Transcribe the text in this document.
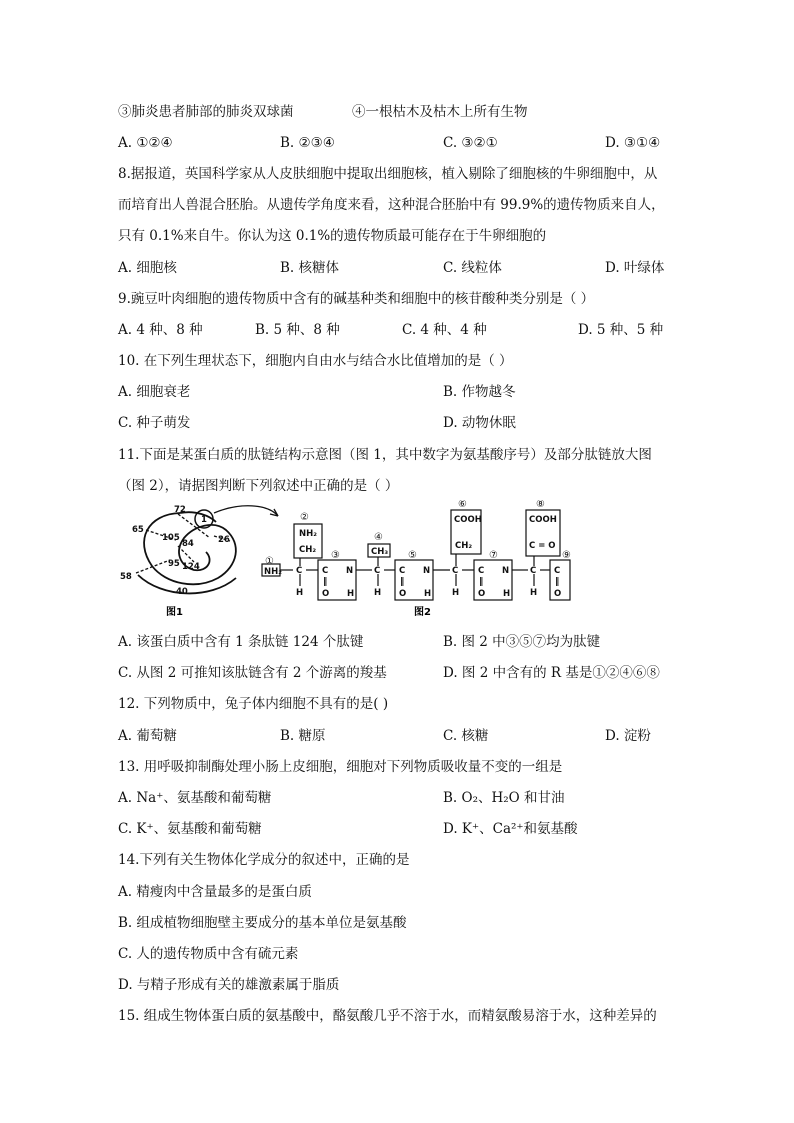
③肺炎患者肺部的肺炎双球菌	④一根枯木及枯木上所有生物
A. ①②④	B. ②③④	C. ③②①	D. ③①④
8.据报道，英国科学家从人皮肤细胞中提取出细胞核，植入剔除了细胞核的牛卵细胞中，从
而培育出人兽混合胚胎。从遗传学角度来看，这种混合胚胎中有 99.9%的遗传物质来自人，
只有 0.1%来自牛。你认为这 0.1%的遗传物质最可能存在于牛卵细胞的
A. 细胞核	B. 核糖体	C. 线粒体	D. 叶绿体
9.豌豆叶肉细胞的遗传物质中含有的碱基种类和细胞中的核苷酸种类分别是（ ）
A. 4 种、8 种	B. 5 种、8 种	C. 4 种、4 种	D. 5 种、5 种
10. 在下列生理状态下，细胞内自由水与结合水比值增加的是（ ）
A. 细胞衰老	B. 作物越冬
C. 种子萌发	D. 动物休眠
11.下面是某蛋白质的肽链结构示意图（图 1，其中数字为氨基酸序号）及部分肽链放大图
（图 2），请据图判断下列叙述中正确的是（ ）
72
65
1
105
84	26
95 124
58
40
图1
NH₂
NH₂
CH₂
C
H
C N
‖
O H
CH₃
C
H
C N
‖
O H
COOH
CH₂
C
H
C N
‖
O H
COOH
C = O
C
H
C
‖
O
①
②
③
④
⑤
⑥
⑦
⑧
⑨
图2
A. 该蛋白质中含有 1 条肽链 124 个肽键	B. 图 2 中③⑤⑦均为肽键
C. 从图 2 可推知该肽链含有 2 个游离的羧基	D. 图 2 中含有的 R 基是①②④⑥⑧
12. 下列物质中，兔子体内细胞不具有的是( )
A. 葡萄糖	B. 糖原	C. 核糖	D. 淀粉
13. 用呼吸抑制酶处理小肠上皮细胞，细胞对下列物质吸收量不变的一组是
A. Na⁺、氨基酸和葡萄糖	B. O₂、H₂O 和甘油
C. K⁺、氨基酸和葡萄糖	D. K⁺、Ca²⁺和氨基酸
14.下列有关生物体化学成分的叙述中，正确的是
A. 精瘦肉中含量最多的是蛋白质
B. 组成植物细胞壁主要成分的基本单位是氨基酸
C. 人的遗传物质中含有硫元素
D. 与精子形成有关的雄激素属于脂质
15. 组成生物体蛋白质的氨基酸中，酪氨酸几乎不溶于水，而精氨酸易溶于水，这种差异的
